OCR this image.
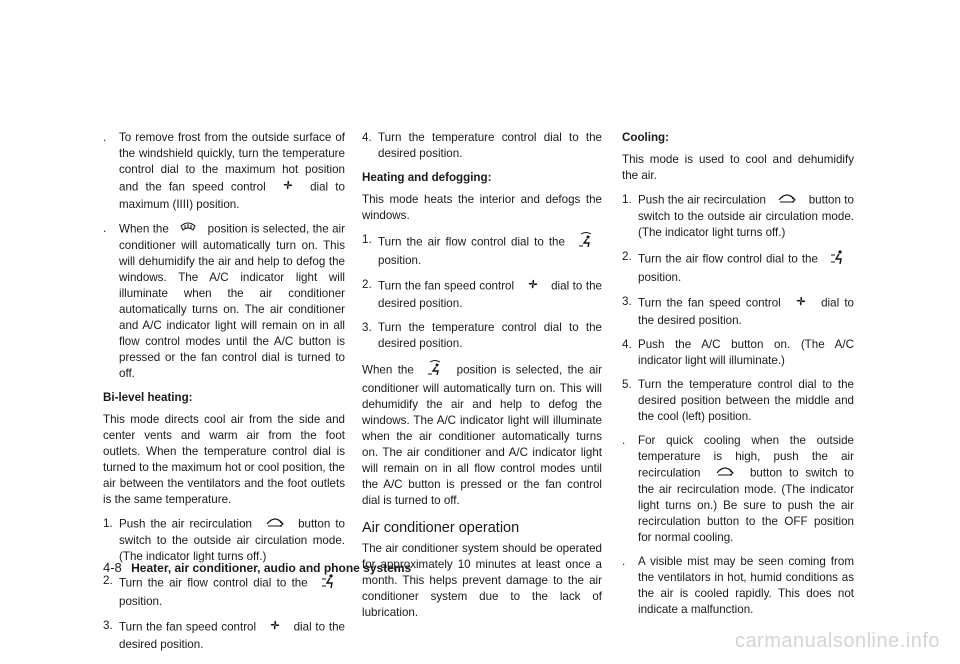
.	To remove frost from the outside surface of the windshield quickly, turn the temperature control dial to the maximum hot position and the fan speed control	dial to maximum (IIII) position.
.	When the	position is selected, the air conditioner will automatically turn on. This will dehumidify the air and help to defog the windows. The A/C indicator light will illuminate when the air conditioner automatically turns on. The air conditioner and A/C indicator light will remain on in all flow control modes until the A/C button is pressed or the fan control dial is turned to off.
Bi-level heating:

This mode directs cool air from the side and center vents and warm air from the foot outlets. When the temperature control dial is turned to the maximum hot or cool position, the air between the ventilators and the foot outlets is the same temperature.

1. Push the air recirculation	button to switch to the outside air circulation mode. (The indicator light turns off.)
2. Turn the air flow control dial to the  position.
3. Turn the fan speed control	dial to the desired position.
4. Turn the temperature control dial to the desired position.
Heating and defogging:

This mode heats the interior and defogs the windows.

1. Turn the air flow control dial to the  position.
2. Turn the fan speed control	dial to the desired position.
3. Turn the temperature control dial to the desired position.

When the	position is selected, the air conditioner will automatically turn on. This will dehumidify the air and help to defog the windows. The A/C indicator light will illuminate when the air conditioner automatically turns on. The air conditioner and A/C indicator light will remain on in all flow control modes until the A/C button is pressed or the fan control dial is turned to off.

Air conditioner operation

The air conditioner system should be operated for approximately 10 minutes at least once a month. This helps prevent damage to the air conditioner system due to the lack of lubrication.

Cooling:

This mode is used to cool and dehumidify the air.

1. Push the air recirculation	button to switch to the outside air circulation mode. (The indicator light turns off.)
2. Turn the air flow control dial to the  position.
3. Turn the fan speed control	dial to the desired position.
4. Push the A/C button on. (The A/C indicator light will illuminate.)
5. Turn the temperature control dial to the desired position between the middle and the cool (left) position.
.	For quick cooling when the outside temperature is high, push the air recirculation	button to switch to the air recirculation mode. (The indicator light turns on.) Be sure to push the air recirculation button to the OFF position for normal cooling.
.	A visible mist may be seen coming from the ventilators in hot, humid conditions as the air is cooled rapidly. This does not indicate a malfunction.
4-8 Heater, air conditioner, audio and phone systems
carmanualsonline.info
